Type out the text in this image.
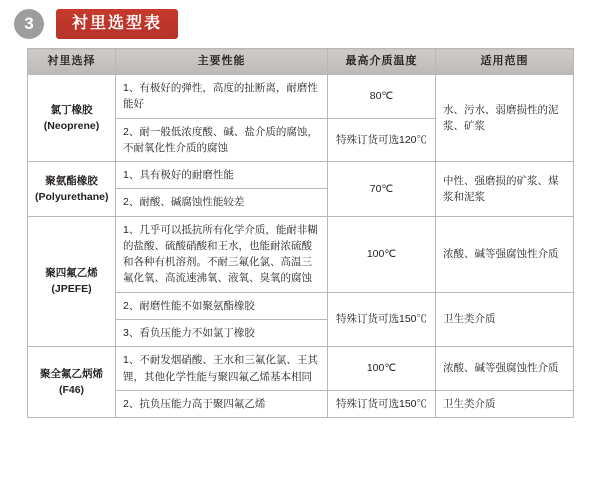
3	衬里选型表
衬里选择	主要性能	最高介质温度	适用范围

氯丁橡胶
(Neoprene)	1、有极好的弹性，高度的扯断离，耐磨性能好	80℃	水、污水、弱磨损性的泥浆、矿浆

	2、耐一般低浓度酸、碱、盐介质的腐蚀，不耐氧化性介质的腐蚀	特殊订货可选120℃	

聚氨酯橡胶
(Polyurethane)	1、具有极好的耐磨性能	70℃	中性、强磨损的矿浆、煤浆和泥浆

	2、耐酸、碱腐蚀性能较差		

聚四氟乙烯
(JPEFE)	1、几乎可以抵抗所有化学介质，能耐非糊的盐酸、硫酸硝酸和王水，也能耐浓硫酸和各种有机溶剂。不耐三氟化氯、高温三氟化氧、高流速沸氧、液氧、臭氧的腐蚀	100℃	浓酸、碱等强腐蚀性介质

	2、耐磨性能不如聚氨酯橡胶	特殊订货可选150℃	卫生类介质

	3、看负压能力不如氯丁橡胶		

聚全氟乙炳烯
(F46)	1、不耐发烟硝酸、王水和三氟化氯、王其锂，其他化学性能与聚四氟乙烯基本相同	100℃	浓酸、碱等强腐蚀性介质

	2、抗负压能力高于聚四氟乙烯	特殊订货可选150℃	卫生类介质
